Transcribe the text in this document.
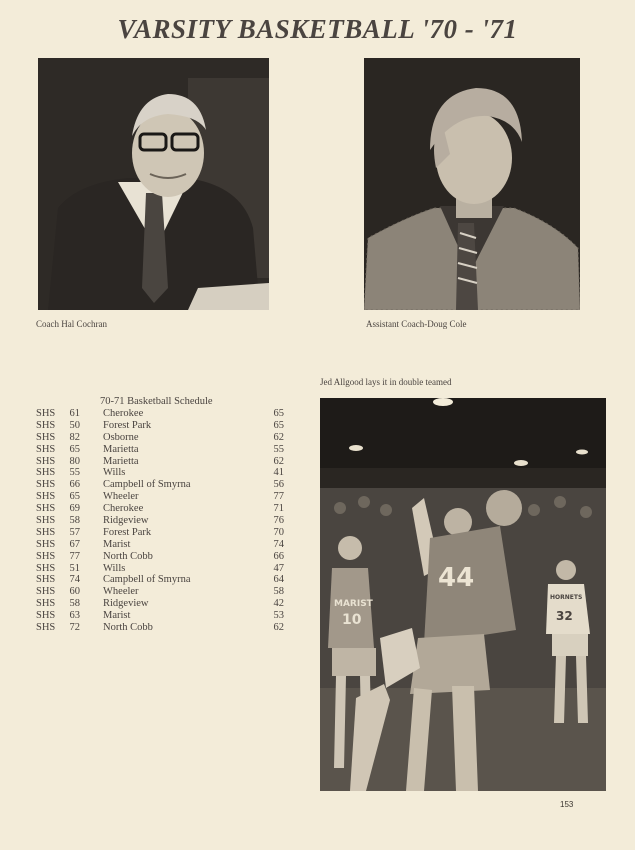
VARSITY BASKETBALL '70 - '71
Coach Hal Cochran	Assistant Coach-Doug Cole
Jed Allgood lays it in double teamed
MARIST
10
44
HORNETS
32
70-71 Basketball Schedule
SHS	61 Cherokee	65
SHS	50 Forest Park	65
SHS	82 Osborne	62
SHS	65 Marietta	55
SHS	80 Marietta	62
SHS	55 Wills	41
SHS	66 Campbell of Smyrna	56
SHS	65 Wheeler	77
SHS	69 Cherokee	71
SHS	58 Ridgeview	76
SHS	57 Forest Park	70
SHS	67 Marist	74
SHS	77 North Cobb	66
SHS	51 Wills	47
SHS	74 Campbell of Smyrna	64
SHS	60 Wheeler	58
SHS	58 Ridgeview	42
SHS	63 Marist	53
SHS	72 North Cobb	62
153
